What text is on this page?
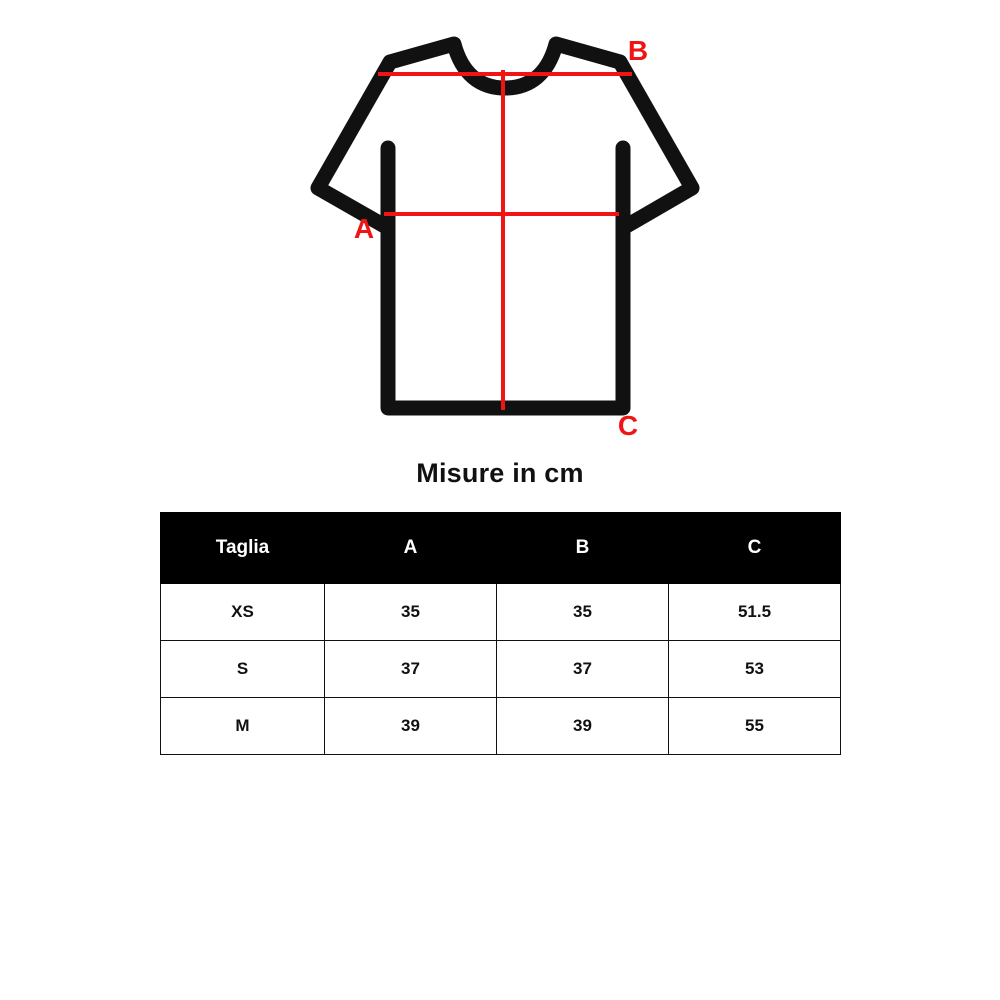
A
B
C
Misure in cm
Taglia	A	B	C
XS	35	35	51.5
S	37	37	53
M	39	39	55
